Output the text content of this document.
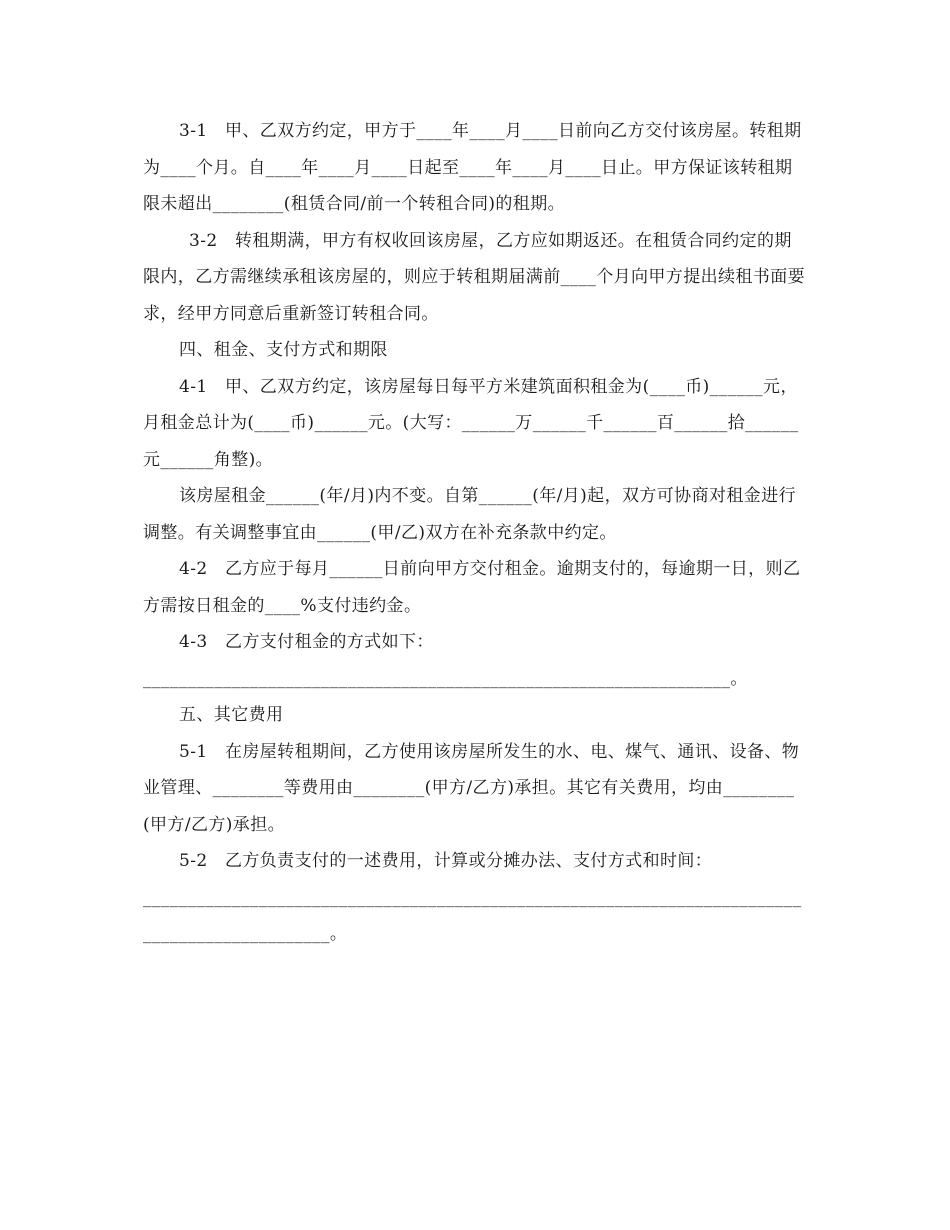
3-1   甲、乙双方约定，甲方于____年____月____日前向乙方交付该房屋。转租期为____个月。自____年____月____日起至____年____月____日止。甲方保证该转租期限未超出________(租赁合同/前一个转租合同)的租期。

3-2   转租期满，甲方有权收回该房屋，乙方应如期返还。在租赁合同约定的期限内，乙方需继续承租该房屋的，则应于转租期届满前____个月向甲方提出续租书面要求，经甲方同意后重新签订转租合同。

四、租金、支付方式和期限

4-1   甲、乙双方约定，该房屋每日每平方米建筑面积租金为(____币)______元，月租金总计为(____币)______元。(大写：______万______千______百______拾______元______角整)。

该房屋租金______(年/月)内不变。自第______(年/月)起，双方可协商对租金进行调整。有关调整事宜由______(甲/乙)双方在补充条款中约定。

4-2   乙方应于每月______日前向甲方交付租金。逾期支付的，每逾期一日，则乙方需按日租金的____%支付违约金。

4-3   乙方支付租金的方式如下：

__________________________________________________________________。

五、其它费用

5-1   在房屋转租期间，乙方使用该房屋所发生的水、电、煤气、通讯、设备、物业管理、________等费用由________(甲方/乙方)承担。其它有关费用，均由________(甲方/乙方)承担。

5-2   乙方负责支付的一述费用，计算或分摊办法、支付方式和时间：

_______________________________________________________________________________________________。
